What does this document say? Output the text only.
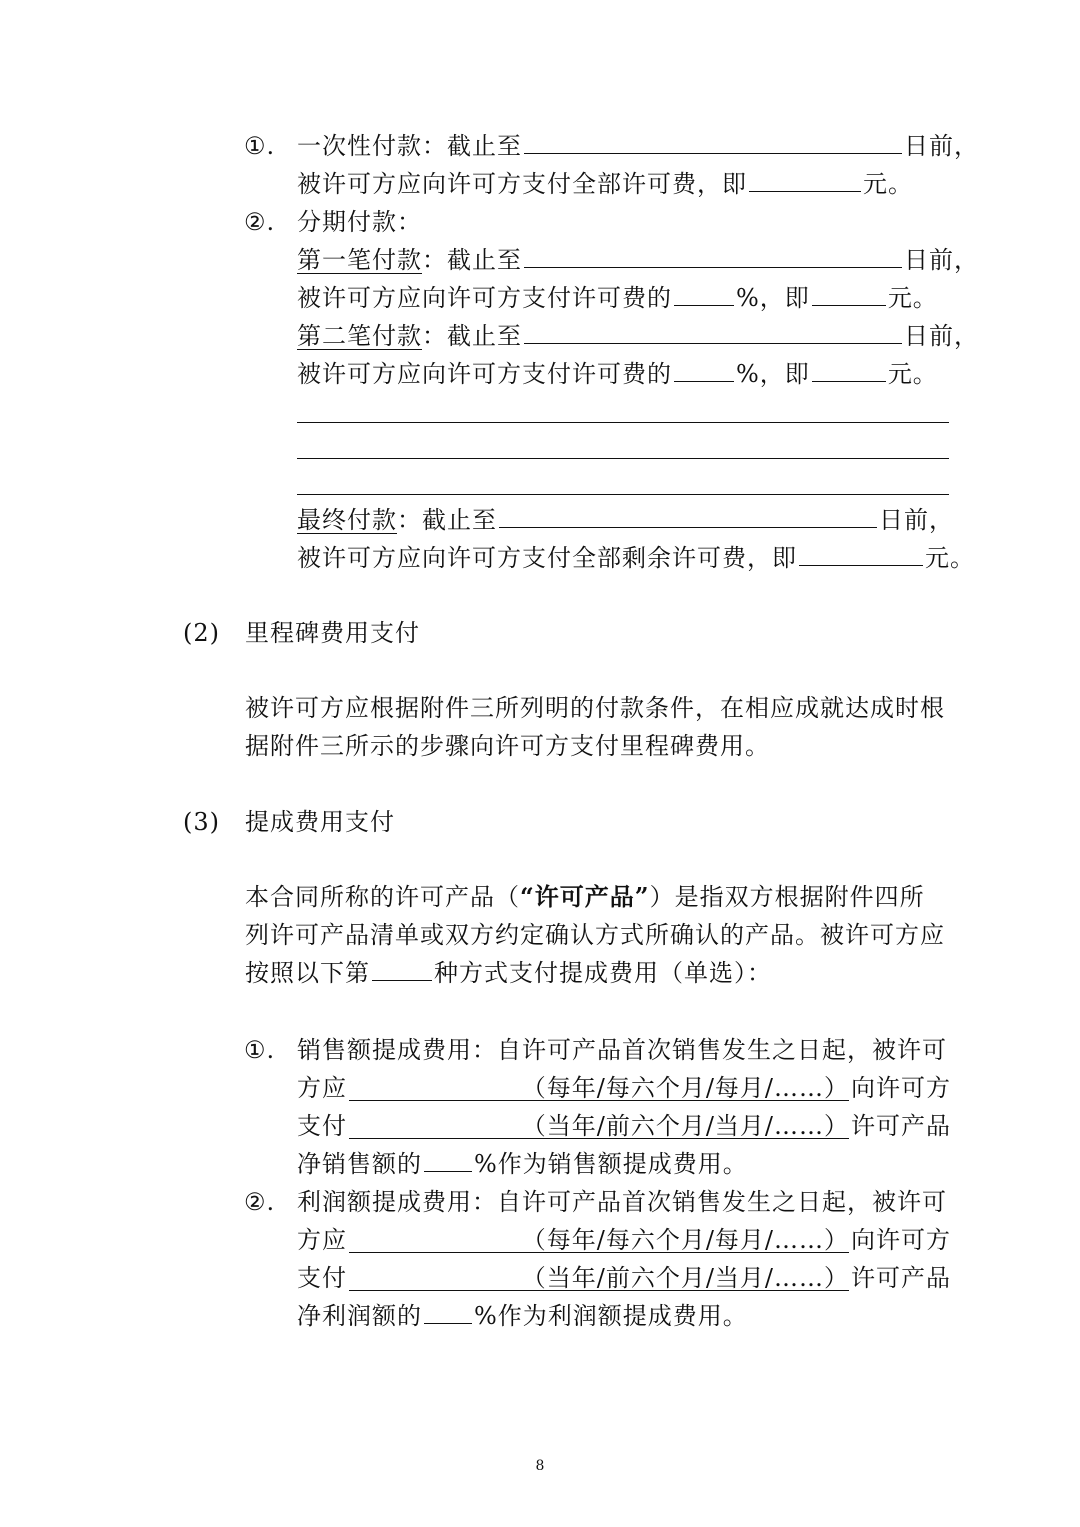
①. 一次性付款：截止至	日前，
被许可方应向许可方支付全部许可费，即	元。
②. 分期付款：
第一笔付款：截止至	日前，
被许可方应向许可方支付许可费的	%，即	元。
第二笔付款：截止至	日前，
被许可方应向许可方支付许可费的	%，即	元。
最终付款：截止至	日前，
被许可方应向许可方支付全部剩余许可费，即	元。
(2) 里程碑费用支付
被许可方应根据附件三所列明的付款条件，在相应成就达成时根
据附件三所示的步骤向许可方支付里程碑费用。
(3) 提成费用支付
本合同所称的许可产品（“许可产品”）是指双方根据附件四所
列许可产品清单或双方约定确认方式所确认的产品。被许可方应
按照以下第	种方式支付提成费用（单选）：
①. 销售额提成费用：自许可产品首次销售发生之日起，被许可
方应	（每年/每六个月/每月/……）向许可方
支付	（当年/前六个月/当月/……）许可产品
净销售额的 %作为销售额提成费用。
②. 利润额提成费用：自许可产品首次销售发生之日起，被许可
方应	（每年/每六个月/每月/……）向许可方
支付	（当年/前六个月/当月/……）许可产品
净利润额的 %作为利润额提成费用。
8
